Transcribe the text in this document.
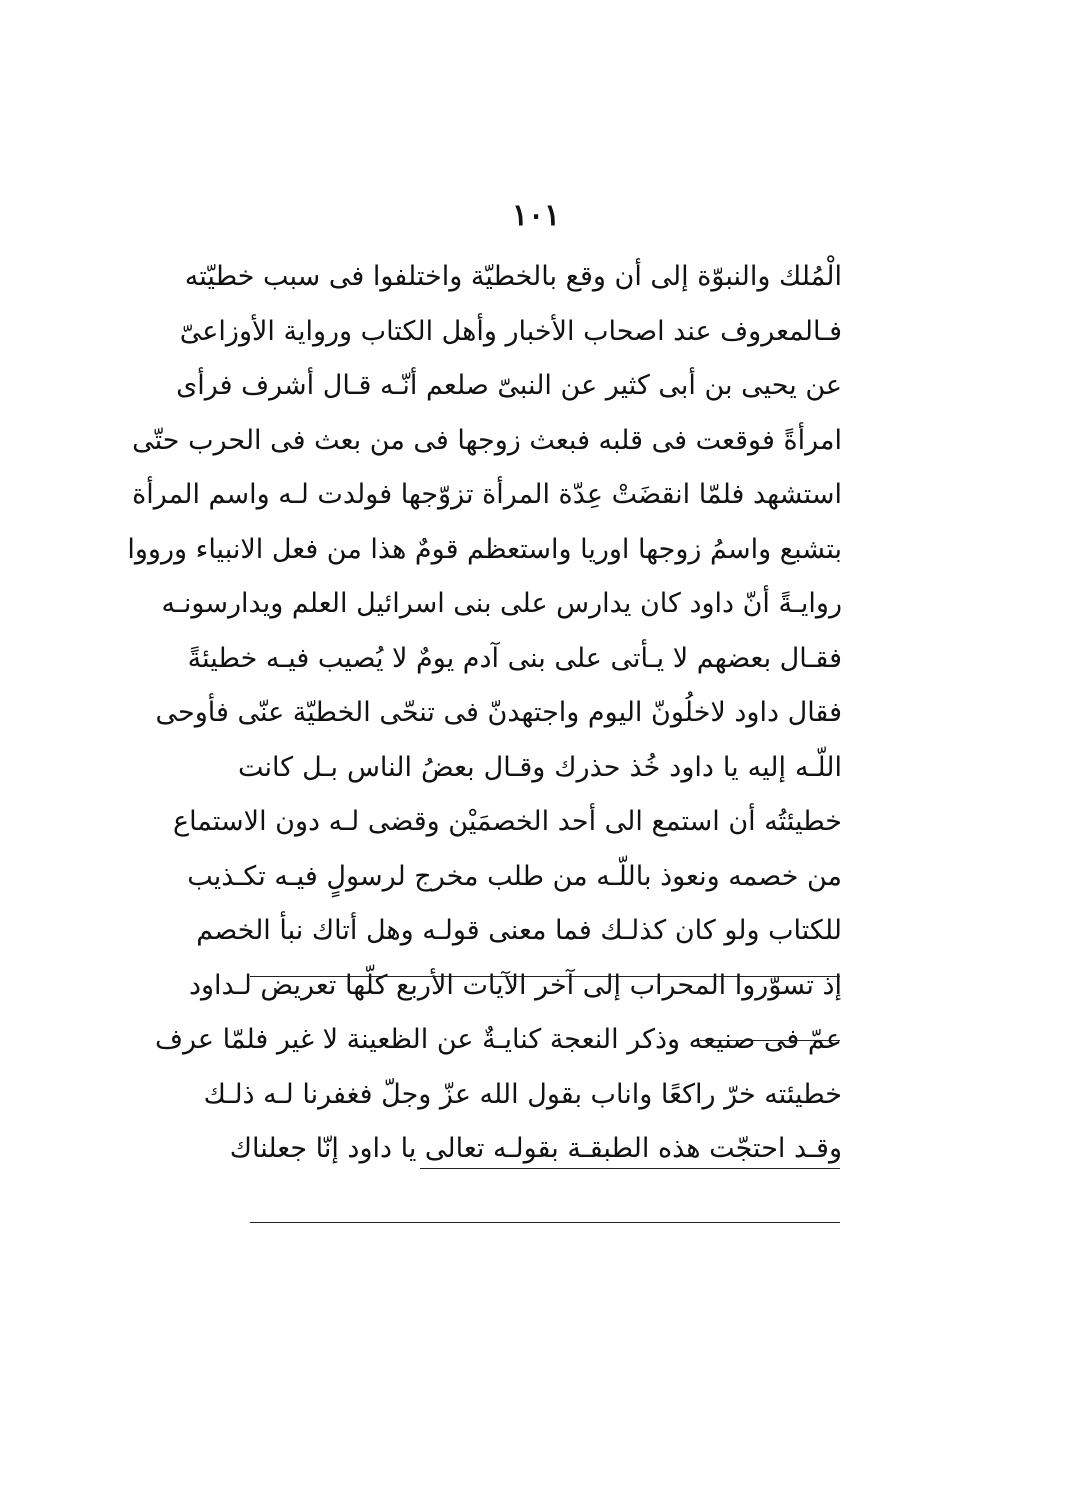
١٠١
الْمُلك والنبوّة إلى أن وقع بالخطيّة واختلفوا فى سبب خطيّته
فـالمعروف عند اصحاب الأخبار وأهل الكتاب ورواية الأوزاعىّ
عن يحيى بن أبى كثير عن النبىّ صلعم أنّـه قـال أشرف فرأى
امرأةً فوقعت فى قلبه فبعث زوجها فى من بعث فى الحرب حتّى
استشهد فلمّا انقضَتْ عِدّة المرأة تزوّجها فولدت لـه واسم المرأة
بتشبع واسمُ زوجها اوريا واستعظم قومٌ هذا من فعل الانبياء ورووا
روايـةً أنّ داود كان يدارس على بنى اسرائيل العلم ويدارسونـه
فقـال بعضهم لا يـأتى على بنى آدم يومٌ لا يُصيب فيـه خطيئةً
فقال داود لاخلُونّ اليوم واجتهدنّ فى تنحّى الخطيّة عنّى فأوحى
اللّـه إليه يا داود خُذ حذرك وقـال بعضُ الناس بـل كانت
خطيئتُه أن استمع الى أحد الخصمَيْن وقضى لـه دون الاستماع
من خصمه ونعوذ باللّـه من طلب مخرج لرسولٍ فيـه تكـذيب
للكتاب ولو كان كذلـك فما معنى قولـه وهل أتاك نبأ الخصم
إذ تسوّروا المحراب إلى آخر الآيات الأربع كلّها تعريض لـداود
عمّ فى صنيعه وذكر النعجة كنايـةٌ عن الظعينة لا غير فلمّا عرف
خطيئته خرّ راكعًا واناب بقول الله عزّ وجلّ فغفرنا لـه ذلـك
وقـد احتجّت هذه الطبقـة بقولـه تعالى يا داود إنّا جعلناك
